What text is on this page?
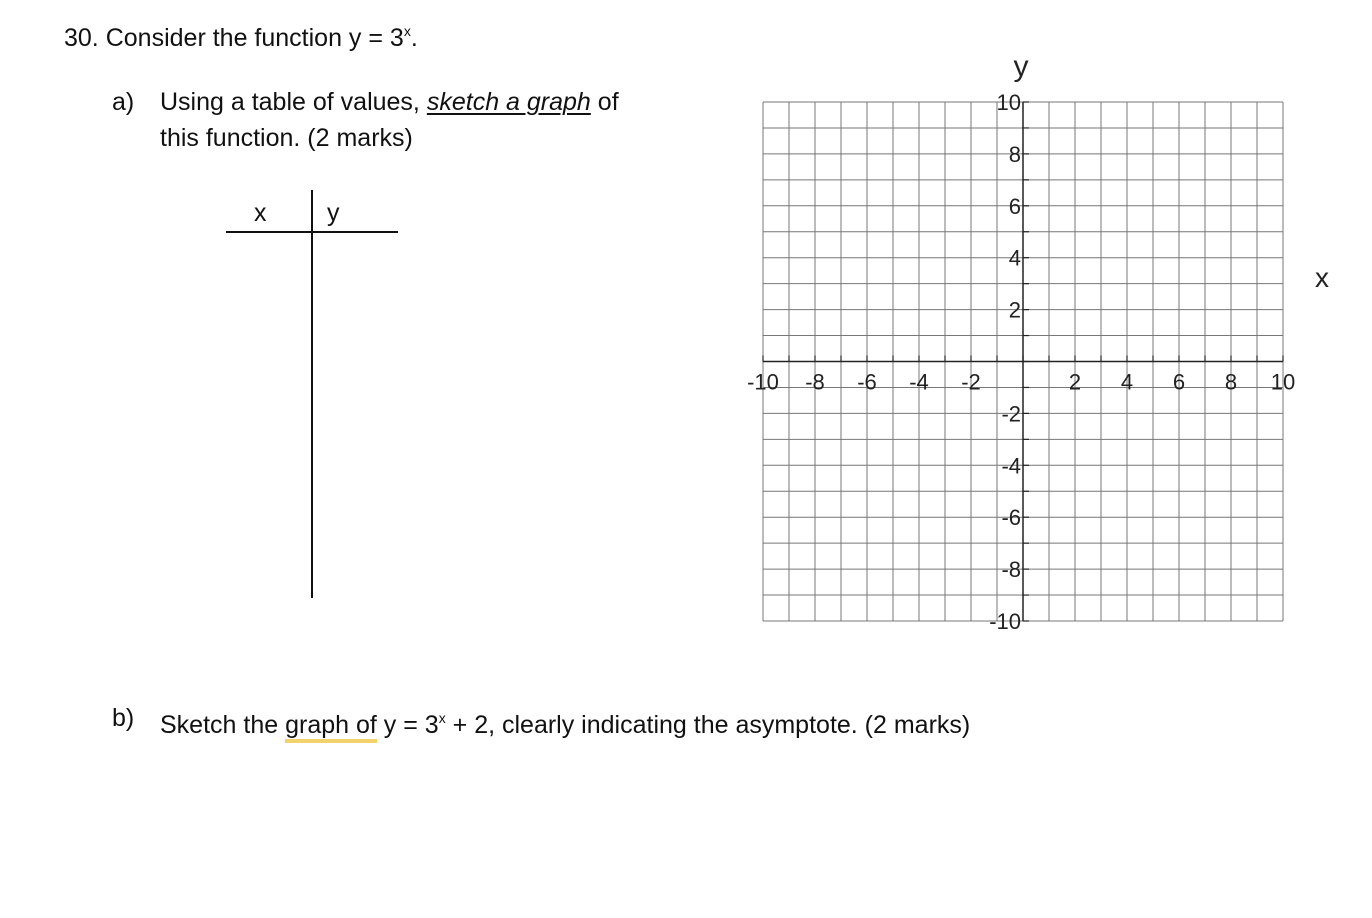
30. Consider the function $y = 3^x$.
a) Using a table of values, sketch a graph of
this function. (2 marks)
x y
-10 -8 -6 -4 -2	2 4 6 8 10
10
8
6
4
2
-2
-4
-6
-8
-10
y
x
b) Sketch the graph of $y = 3^x + 2$, clearly indicating the asymptote. (2 marks)
